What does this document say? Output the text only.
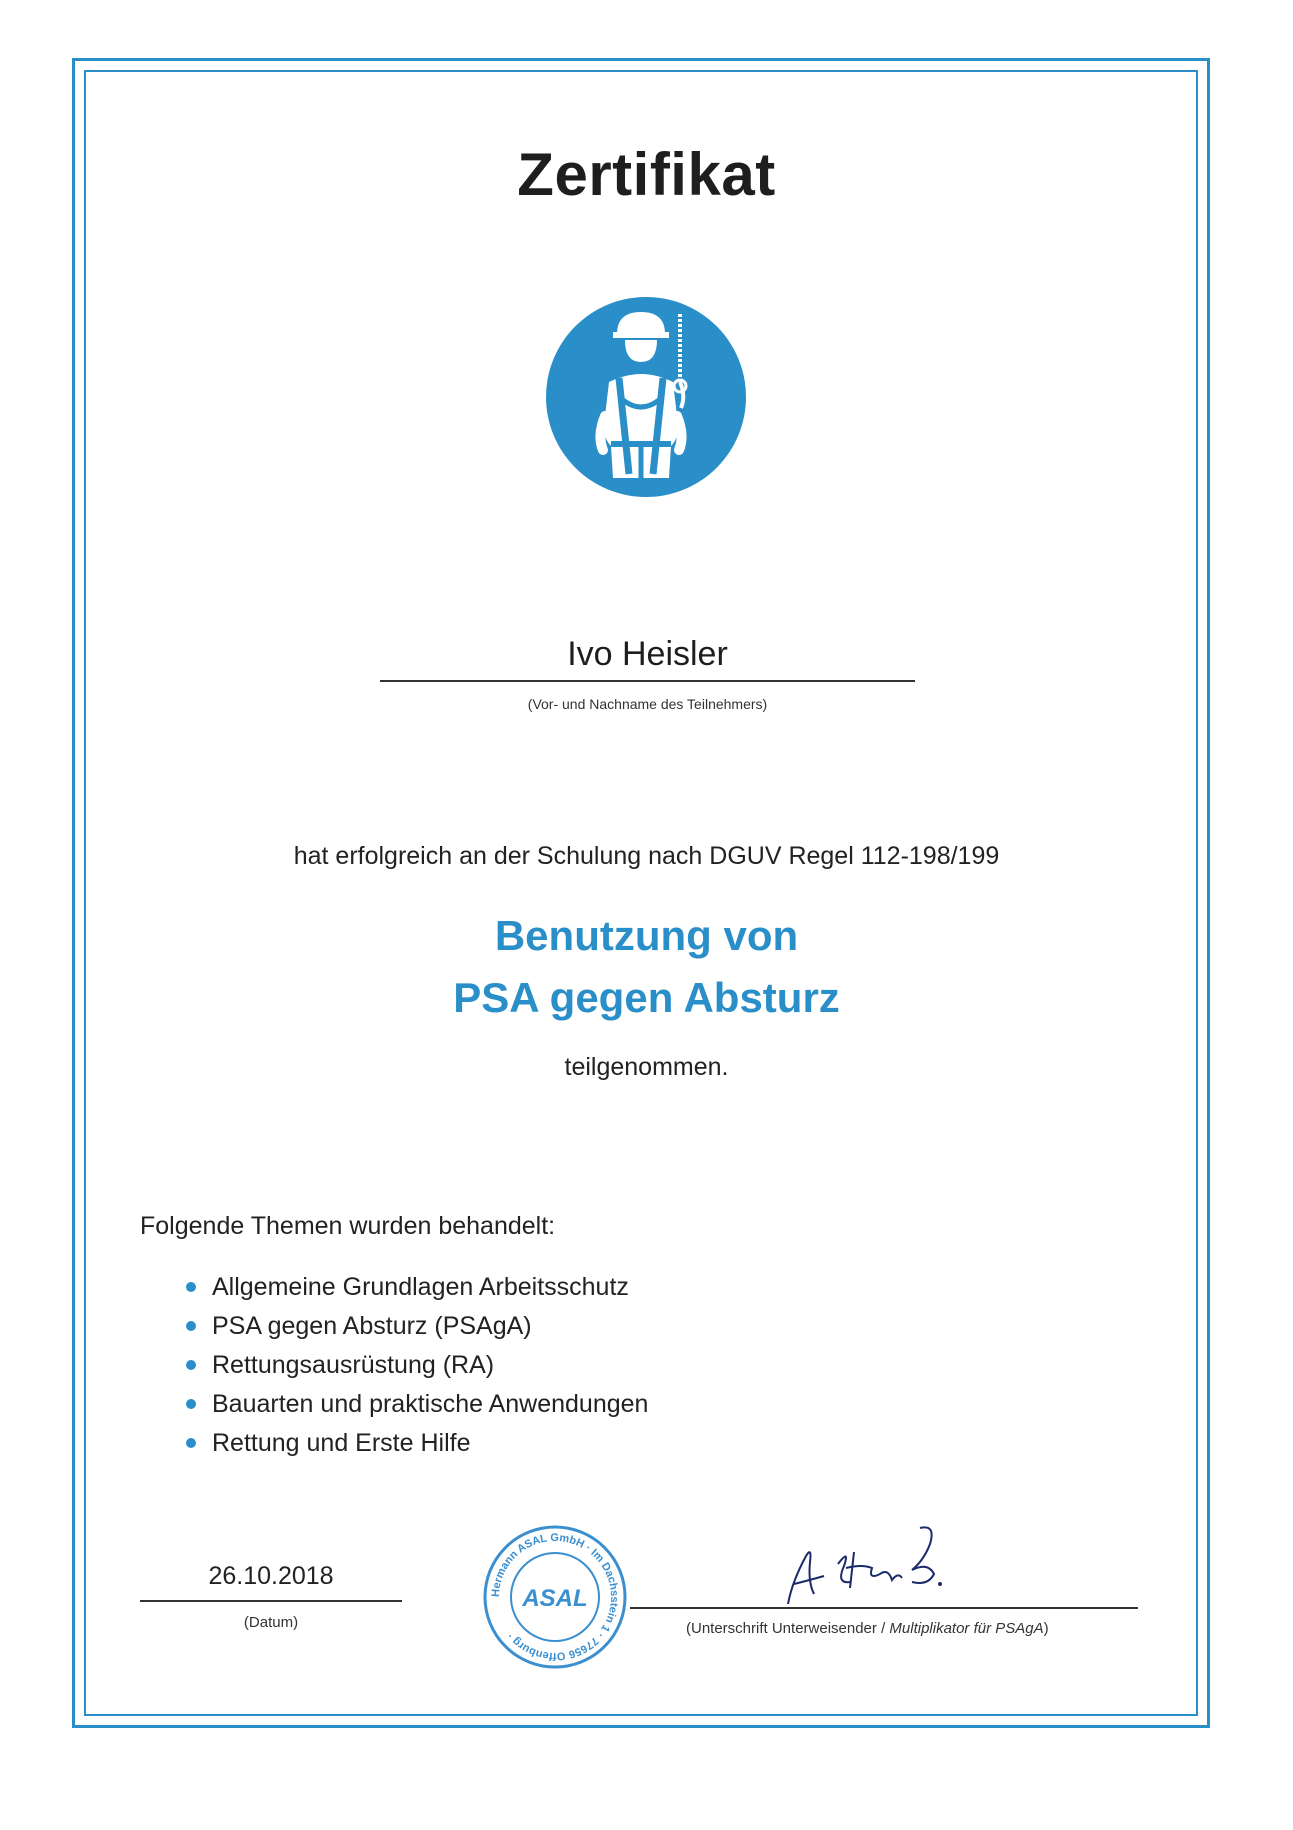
Zertifikat
Ivo Heisler
(Vor- und Nachname des Teilnehmers)
hat erfolgreich an der Schulung nach DGUV Regel 112-198/199
Benutzung von
PSA gegen Absturz
teilgenommen.
Folgende Themen wurden behandelt:
Allgemeine Grundlagen Arbeitsschutz
PSA gegen Absturz (PSAgA)
Rettungsausrüstung (RA)
Bauarten und praktische Anwendungen
Rettung und Erste Hilfe
26.10.2018
(Datum)
Hermann ASAL GmbH · Im Dachsstein 1 · 77656 Offenburg ·
ASAL
(Unterschrift Unterweisender / Multiplikator für PSAgA)
